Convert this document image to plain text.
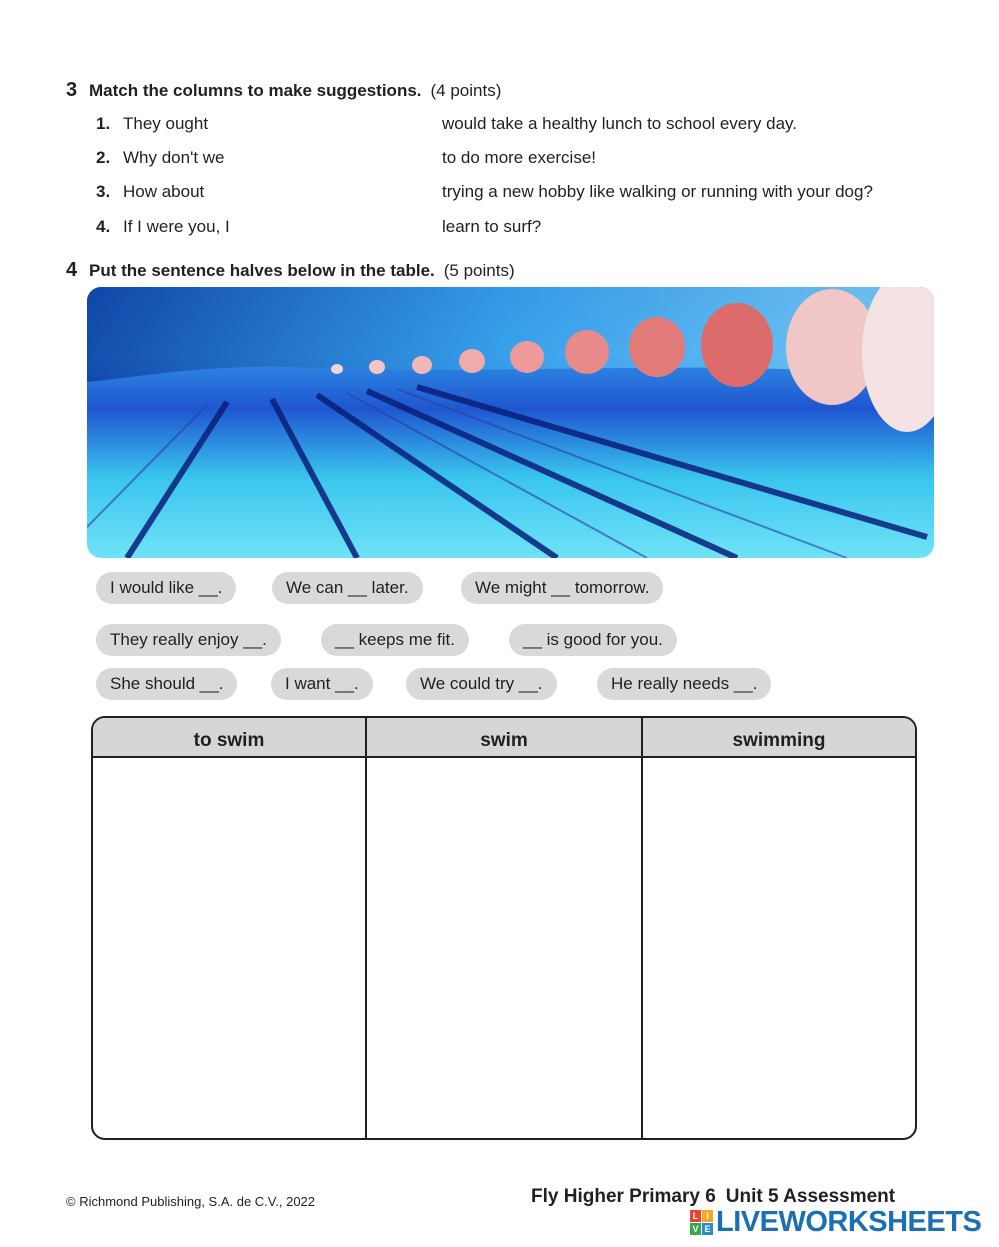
3 Match the columns to make suggestions. (4 points)
1. They ought	would take a healthy lunch to school every day.
2. Why don't we	to do more exercise!
3. How about	trying a new hobby like walking or running with your dog?
4. If I were you, I	learn to surf?
4 Put the sentence halves below in the table. (5 points)
I would like __.	We can __ later.	We might __ tomorrow.
They really enjoy __.	__ keeps me fit.	__ is good for you.
She should __.	I want __.	We could try __.	He really needs __.
to swim	swim	swimming
© Richmond Publishing, S.A. de C.V., 2022	Fly Higher Primary 6 Unit 5 Assessment
L I
V E LIVEWORKSHEETS
